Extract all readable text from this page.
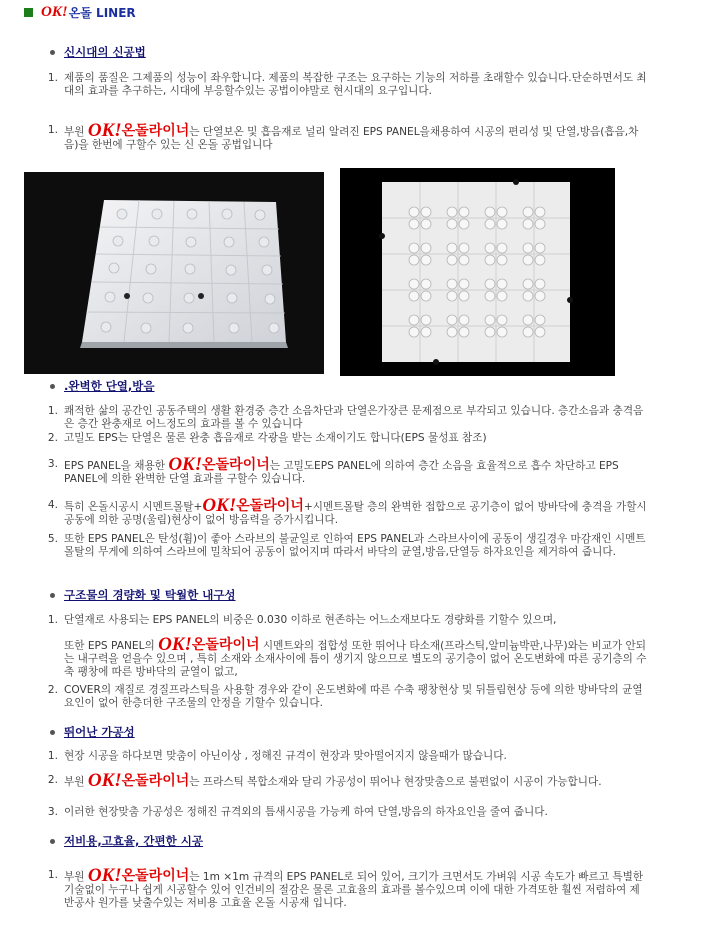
OK! 온돌 LINER
신시대의 신공법
1. 제품의 품질은 그제품의 성능이 좌우합니다. 제품의 복잡한 구조는 요구하는 기능의 저하를 초래할수 있습니다.단순하면서도 최대의 효과를 추구하는, 시대에 부응할수있는 공법이야말로 현시대의 요구입니다.
1. 부원 OK!온돌라이너는 단열보온 및 흡음재로 널리 알려진 EPS PANEL을채용하여 시공의 편리성 및 단열,방음(흡음,차음)을 한번에 구할수 있는 신 온돌 공법입니다
.완벽한 단열,방음
1. 쾌적한 삶의 공간인 공동주택의 생활 환경중 층간 소음차단과 단열은가장큰 문제점으로 부각되고 있습니다. 층간소음과 충격음은 층간 완충재로 어느정도의 효과를 볼 수 있습니다
2. 고밀도 EPS는 단열은 물론 완충 흡음재로 각광을 받는 소재이기도 합니다(EPS 물성표 참조)
3. EPS PANEL을 채용한 OK!온돌라이너는 고밀도EPS PANEL에 의하여 층간 소음을 효율적으로 흡수 차단하고 EPS PANEL에 의한 완벽한 단열 효과를 구할수 있습니다.
4. 특히 온돌시공시 시멘트몰탈+OK!온돌라이너+시멘트몰탈 층의 완벽한 접합으로 공기층이 없어 방바닥에 충격을 가할시 공동에 의한 공명(울림)현상이 없어 방음력을 증가시킵니다.
5. 또한 EPS PANEL은 탄성(휨)이 좋아 스라브의 불균일로 인하여 EPS PANEL과 스라브사이에 공동이 생길경우 마감재인 시멘트 몰탈의 무게에 의하여 스라브에 밀착되어 공동이 없어지며 따라서 바닥의 균열,방음,단열등 하자요인을 제거하여 줍니다.
구조물의 경량화 및 탁월한 내구성
1. 단열재로 사용되는 EPS PANEL의 비중은 0.030 이하로 현존하는 어느소재보다도 경량화를 기할수 있으며,
또한 EPS PANEL의 OK!온돌라이너 시멘트와의 접합성 또한 뛰어나 타소재(프라스틱,알미늄박판,나무)와는 비교가 안되는 내구력을 얻을수 있으며 , 특히 소재와 소재사이에 틈이 생기지 않으므로 별도의 공기층이 없어 온도변화에 따른 공기층의 수축 팽창에 따른 방바닥의 균열이 없고,
2. COVER의 재질로 경질프라스틱을 사용할 경우와 같이 온도변화에 따른 수축 팽창현상 및 뒤틀림현상 등에 의한 방바닥의 균열 요인이 없어 한층더한 구조물의 안정을 기할수 있습니다.
뛰어난 가공성
1. 현장 시공을 하다보면 맞춤이 아닌이상 , 정해진 규격이 현장과 맞아떨어지지 않을때가 많습니다.
2. 부원 OK!온돌라이너는 프라스틱 복합소재와 달리 가공성이 뛰어나 현장맞춤으로 불편없이 시공이 가능합니다.
3. 이러한 현장맞춤 가공성은 정해진 규격외의 틈새시공을 가능케 하여 단열,방음의 하자요인을 줄여 줍니다.
저비용,고효율, 간편한 시공
1. 부원 OK!온돌라이너는 1m ×1m 규격의 EPS PANEL로 되어 있어, 크기가 크면서도 가벼워 시공 속도가 빠르고 특별한 기술없이 누구나 쉽게 시공할수 있어 인건비의 절감은 물론 고효율의 효과를 볼수있으며 이에 대한 가격또한 훨씬 저렴하여 제반공사 원가를 낮출수있는 저비용 고효율 온돌 시공재 입니다.
